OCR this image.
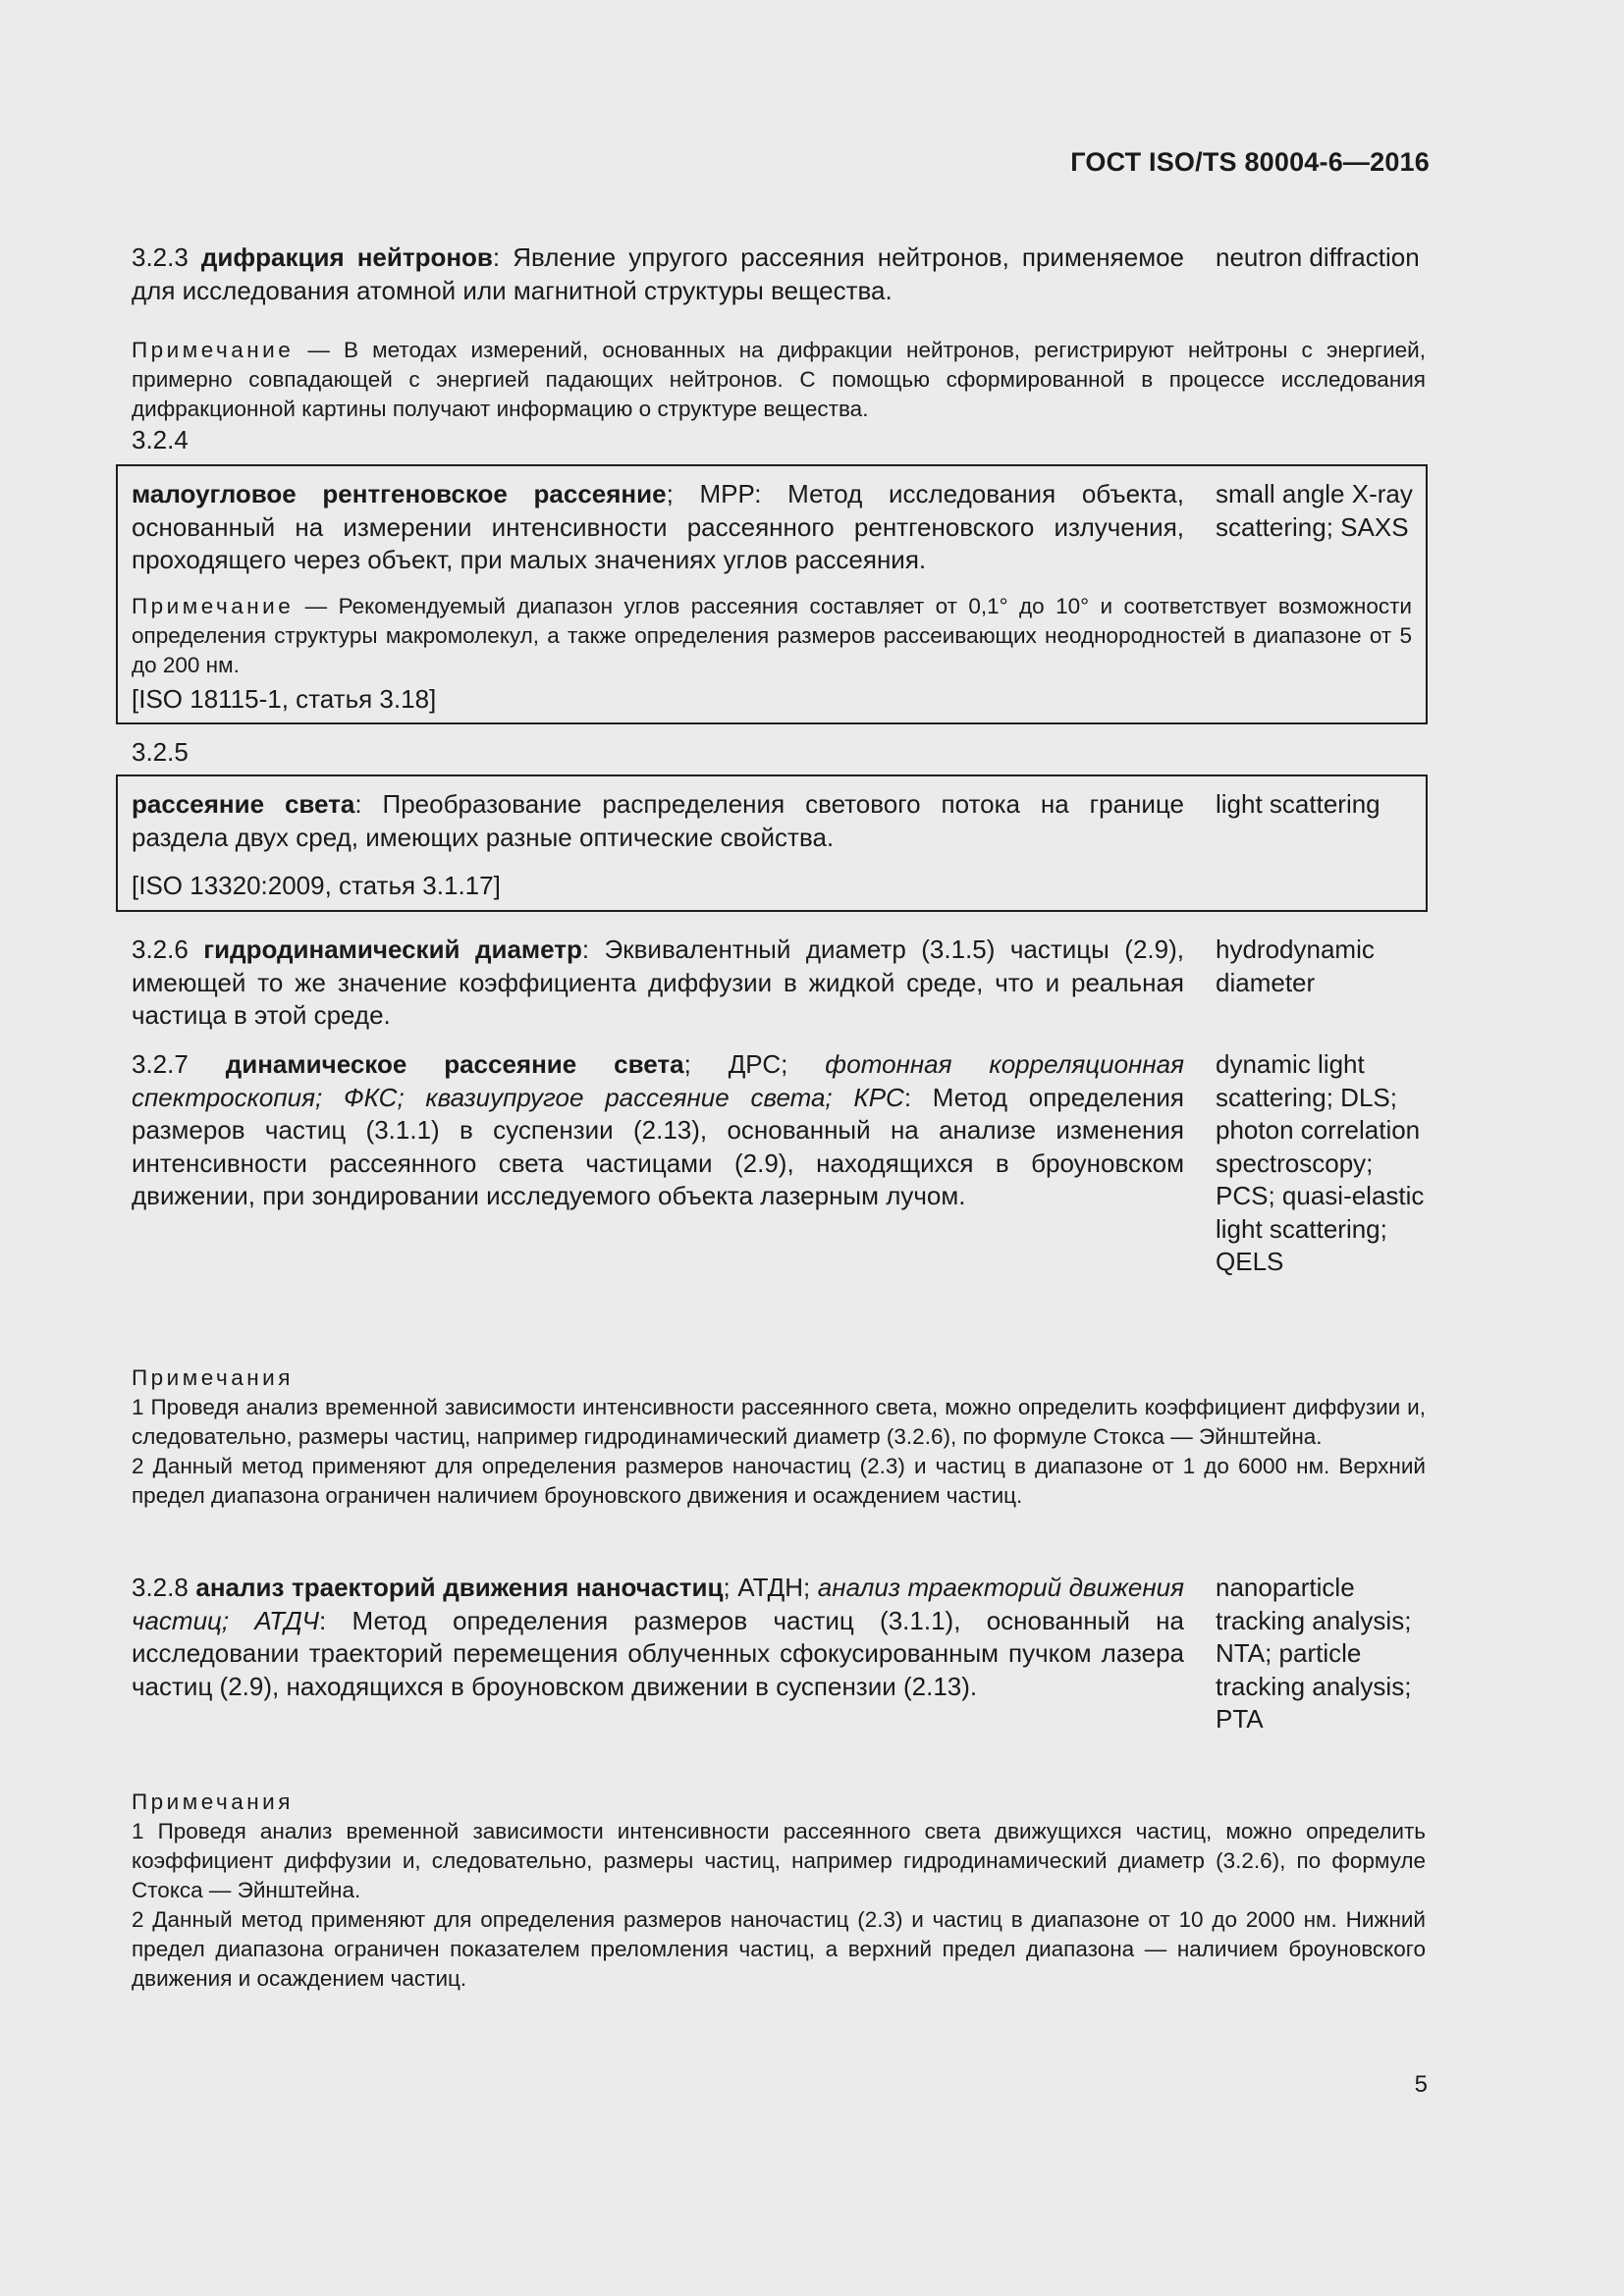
ГОСТ ISO/TS 80004-6—2016
3.2.3 дифракция нейтронов: Явление упругого рассеяния нейтронов, применяемое для исследования атомной или магнитной структуры вещества.
neutron diffraction
Примечание — В методах измерений, основанных на дифракции нейтронов, регистрируют нейтроны с энергией, примерно совпадающей с энергией падающих нейтронов. С помощью сформированной в процессе исследования дифракционной картины получают информацию о структуре вещества.
3.2.4
малоугловое рентгеновское рассеяние; МРР: Метод исследования объекта, основанный на измерении интенсивности рассеянного рентгеновского излучения, проходящего через объект, при малых значениях углов рассеяния.
small angle X-ray scattering; SAXS
Примечание — Рекомендуемый диапазон углов рассеяния составляет от 0,1° до 10° и соответствует возможности определения структуры макромолекул, а также определения размеров рассеивающих неоднородностей в диапазоне от 5 до 200 нм.
[ISO 18115-1, статья 3.18]
3.2.5
рассеяние света: Преобразование распределения светового потока на границе раздела двух сред, имеющих разные оптические свойства.
light scattering
[ISO 13320:2009, статья 3.1.17]
3.2.6 гидродинамический диаметр: Эквивалентный диаметр (3.1.5) частицы (2.9), имеющей то же значение коэффициента диффузии в жидкой среде, что и реальная частица в этой среде.
hydrodynamic diameter
3.2.7 динамическое рассеяние света; ДРС; фотонная корреляционная спектроскопия; ФКС; квазиупругое рассеяние света; КРС: Метод определения размеров частиц (3.1.1) в суспензии (2.13), основанный на анализе изменения интенсивности рассеянного света частицами (2.9), находящихся в броуновском движении, при зондировании исследуемого объекта лазерным лучом.
dynamic light scattering; DLS; photon correlation spectroscopy; PCS; quasi-elastic light scattering; QELS
Примечания
1 Проведя анализ временной зависимости интенсивности рассеянного света, можно определить коэффициент диффузии и, следовательно, размеры частиц, например гидродинамический диаметр (3.2.6), по формуле Стокса — Эйнштейна.
2 Данный метод применяют для определения размеров наночастиц (2.3) и частиц в диапазоне от 1 до 6000 нм. Верхний предел диапазона ограничен наличием броуновского движения и осаждением частиц.
3.2.8 анализ траекторий движения наночастиц; АТДН; анализ траекторий движения частиц; АТДЧ: Метод определения размеров частиц (3.1.1), основанный на исследовании траекторий перемещения облученных сфокусированным пучком лазера частиц (2.9), находящихся в броуновском движении в суспензии (2.13).
nanoparticle tracking analysis; NTA; particle tracking analysis; PTA
Примечания
1 Проведя анализ временной зависимости интенсивности рассеянного света движущихся частиц, можно определить коэффициент диффузии и, следовательно, размеры частиц, например гидродинамический диаметр (3.2.6), по формуле Стокса — Эйнштейна.
2 Данный метод применяют для определения размеров наночастиц (2.3) и частиц в диапазоне от 10 до 2000 нм. Нижний предел диапазона ограничен показателем преломления частиц, а верхний предел диапазона — наличием броуновского движения и осаждением частиц.
5
